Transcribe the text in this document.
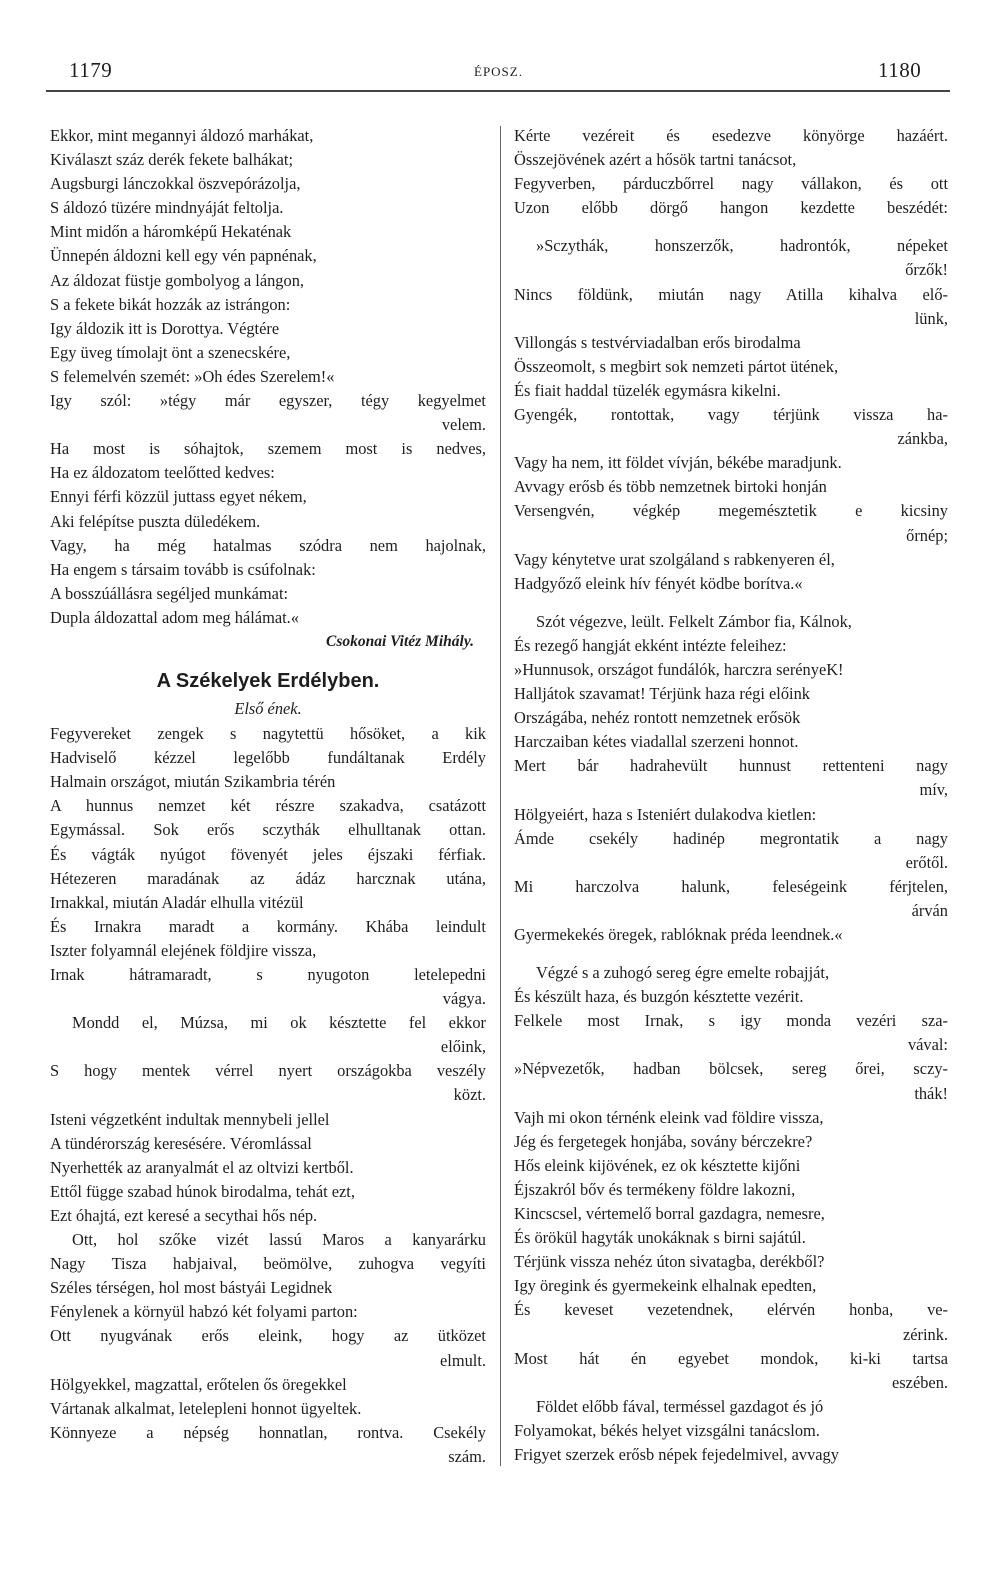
1179	ÉPOSZ.	1180
Ekkor, mint megannyi áldozó marhákat,
Kiválaszt száz derék fekete balhákat;
Augsburgi lánczokkal öszvepórázolja,
S áldozó tüzére mindnyáját feltolja.
Mint midőn a háromképű Hekaténak
Ünnepén áldozni kell egy vén papnénak,
Az áldozat füstje gombolyog a lángon,
S a fekete bikát hozzák az istrángon:
Igy áldozik itt is Dorottya. Végtére
Egy üveg tímolajt önt a szenecskére,
S felemelvén szemét: »Oh édes Szerelem!«
Igy szól: »tégy már egyszer, tégy kegyelmet
velem.
Ha most is sóhajtok, szemem most is nedves,
Ha ez áldozatom teelőtted kedves:
Ennyi férfi közzül juttass egyet nékem,
Aki felépítse puszta düledékem.
Vagy, ha még hatalmas szódra nem hajolnak,
Ha engem s társaim tovább is csúfolnak:
A bosszúállásra segéljed munkámat:
Dupla áldozattal adom meg hálámat.«
Csokonai Vitéz Mihály.
A Székelyek Erdélyben.
Első ének.
Fegyvereket zengek s nagytettü hősöket, a kik
Hadviselő kézzel legelőbb fundáltanak Erdély
Halmain országot, miután Szikambria térén
A hunnus nemzet két részre szakadva, csatázott
Egymással. Sok erős sczythák elhulltanak ottan.
És vágták nyúgot fövenyét jeles éjszaki férfiak.
Hétezeren maradának az ádáz harcznak utána,
Irnakkal, miután Aladár elhulla vitézül
És Irnakra maradt a kormány. Khába leindult
Iszter folyamnál elejének földjire vissza,
Irnak hátramaradt, s nyugoton letelepedni
vágya.
Mondd el, Múzsa, mi ok késztette fel ekkor
előink,
S hogy mentek vérrel nyert országokba veszély
közt.
Isteni végzetként indultak mennybeli jellel
A tündérország keresésére. Véromlással
Nyerhették az aranyalmát el az oltvizi kertből.
Ettől függe szabad húnok birodalma, tehát ezt,
Ezt óhajtá, ezt keresé a secythai hős nép.
Ott, hol szőke vizét lassú Maros a kanyarárku
Nagy Tisza habjaival, beömölve, zuhogva vegyíti
Széles térségen, hol most bástyái Legidnek
Fénylenek a környül habzó két folyami parton:
Ott nyugvának erős eleink, hogy az ütközet
elmult.
Hölgyekkel, magzattal, erőtelen ős öregekkel
Vártanak alkalmat, letelepleni honnot ügyeltek.
Könnyeze a népség honnatlan, rontva. Csekély
szám.
Kérte vezéreit és esedezve könyörge hazáért.
Összejövének azért a hősök tartni tanácsot,
Fegyverben, párduczbőrrel nagy vállakon, és ott
Uzon előbb dörgő hangon kezdette beszédét:
»Sczythák, honszerzők, hadrontók, népeket
őrzők!
Nincs földünk, miután nagy Atilla kihalva elő-
lünk,
Villongás s testvérviadalban erős birodalma
Összeomolt, s megbirt sok nemzeti pártot ütének,
És fiait haddal tüzelék egymásra kikelni.
Gyengék, rontottak, vagy térjünk vissza ha-
zánkba,
Vagy ha nem, itt földet vívján, békébe maradjunk.
Avvagy erősb és több nemzetnek birtoki honján
Versengvén, végkép megemésztetik e kicsiny
őrnép;
Vagy kénytetve urat szolgáland s rabkenyeren él,
Hadgyőző eleink hív fényét ködbe borítva.«
Szót végezve, leült. Felkelt Zámbor fia, Kálnok,
És rezegő hangját ekként intézte feleihez:
»Hunnusok, országot fundálók, harczra serényeK!
Halljátok szavamat! Térjünk haza régi előink
Országába, nehéz rontott nemzetnek erősök
Harczaiban kétes viadallal szerzeni honnot.
Mert bár hadrahevült hunnust rettenteni nagy
mív,
Hölgyeiért, haza s Isteniért dulakodva kietlen:
Ámde csekély hadinép megrontatik a nagy
erőtől.
Mi harczolva halunk, feleségeink férjtelen,
árván
Gyermekekés öregek, rablóknak préda leendnek.«
Végzé s a zuhogó sereg égre emelte robajját,
És készült haza, és buzgón késztette vezérit.
Felkele most Irnak, s igy monda vezéri sza-
vával:
»Népvezetők, hadban bölcsek, sereg őrei, sczy-
thák!
Vajh mi okon térnénk eleink vad földire vissza,
Jég és fergetegek honjába, sovány bérczekre?
Hős eleink kijövének, ez ok késztette kijőni
Éjszakról bőv és termékeny földre lakozni,
Kincscsel, vértemelő borral gazdagra, nemesre,
És örökül hagyták unokáknak s birni sajátúl.
Térjünk vissza nehéz úton sivatagba, derékből?
Igy öregink és gyermekeink elhalnak epedten,
És keveset vezetendnek, elérvén honba, ve-
zérink.
Most hát én egyebet mondok, ki-ki tartsa
eszében.
Földet előbb fával, terméssel gazdagot és jó
Folyamokat, békés helyet vizsgálni tanácslom.
Frigyet szerzek erősb népek fejedelmivel, avvagy
